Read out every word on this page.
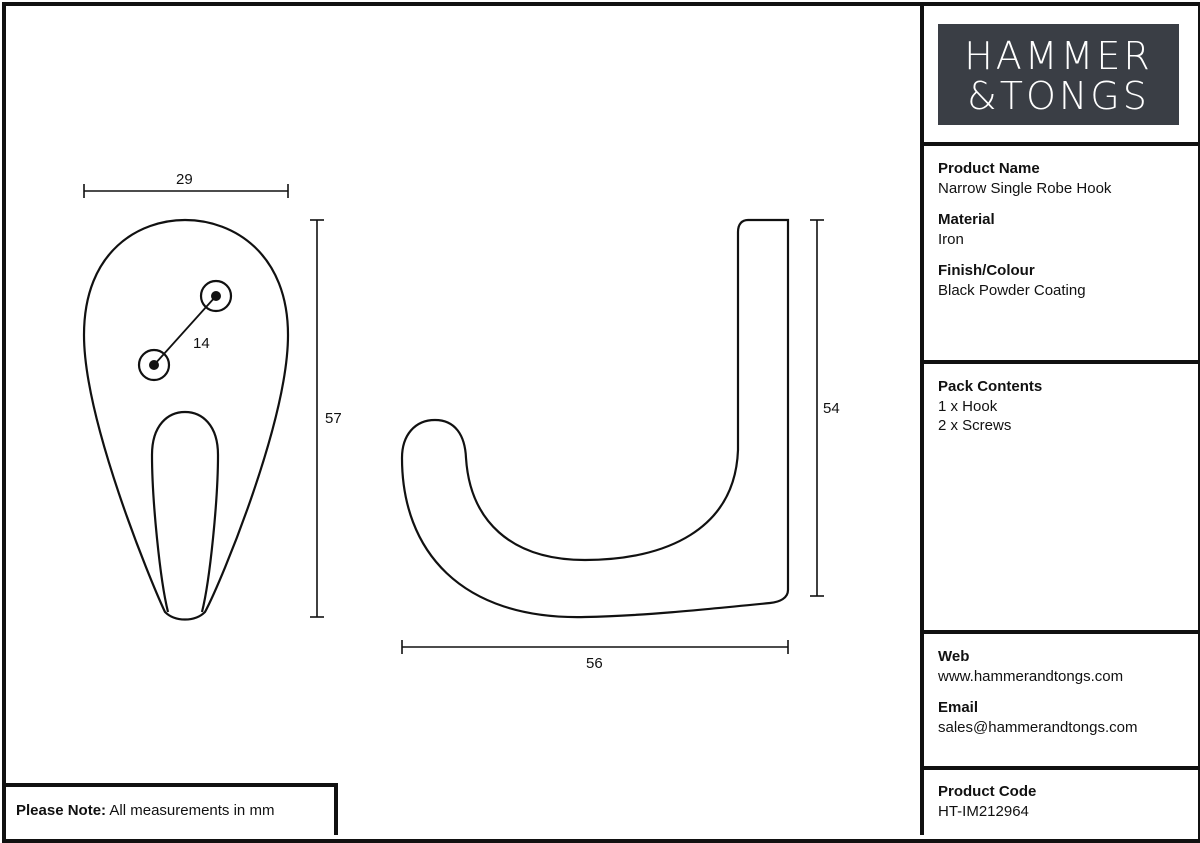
29
14
57
54
56
HAMMER
&TONGS
Product Name
Narrow Single Robe Hook
Material
Iron
Finish/Colour
Black Powder Coating
Pack Contents
1 x Hook
2 x Screws
Web
www.hammerandtongs.com
Email
sales@hammerandtongs.com
Product Code
HT-IM212964
Please Note: All measurements in mm
